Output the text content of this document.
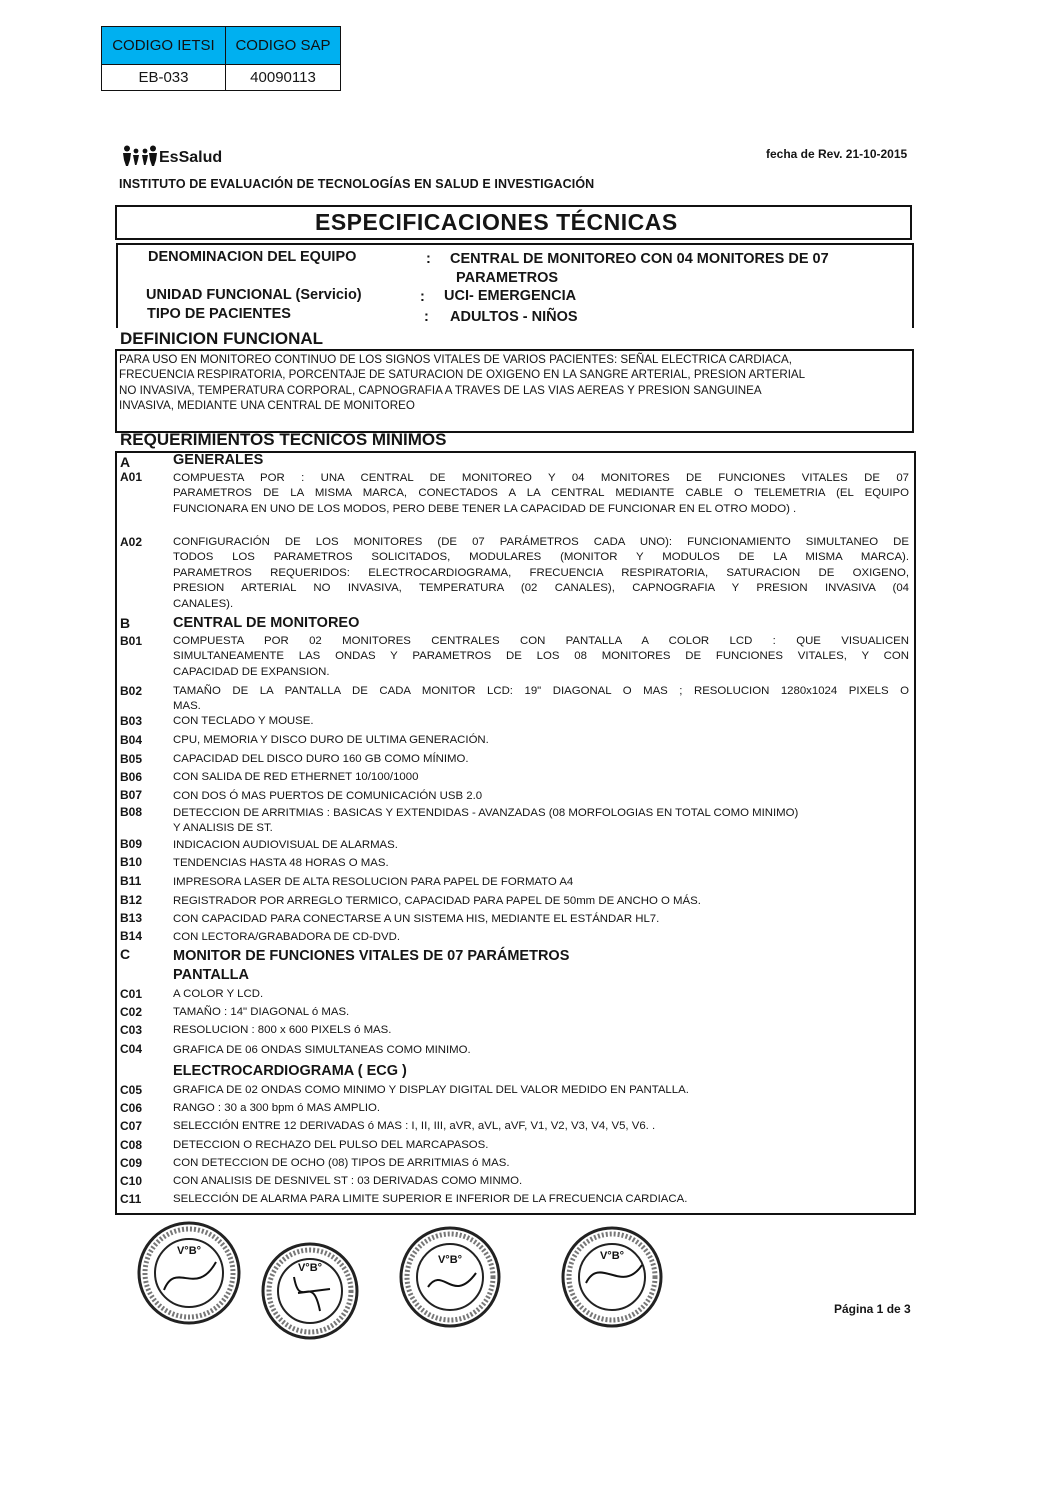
CODIGO IETSI	CODIGO SAP
EB-033	40090113
EsSalud	fecha de Rev. 21-10-2015
INSTITUTO DE EVALUACIÓN DE TECNOLOGÍAS EN SALUD E INVESTIGACIÓN
ESPECIFICACIONES TÉCNICAS
DENOMINACION DEL EQUIPO	: CENTRAL DE MONITOREO CON 04 MONITORES DE 07
PARAMETROS
UNIDAD FUNCIONAL (Servicio)	: UCI- EMERGENCIA
TIPO DE PACIENTES	: ADULTOS - NIÑOS
DEFINICION FUNCIONAL
PARA USO EN MONITOREO CONTINUO DE LOS SIGNOS VITALES DE VARIOS PACIENTES: SEÑAL ELECTRICA CARDIACA,
FRECUENCIA RESPIRATORIA, PORCENTAJE DE SATURACION DE OXIGENO EN LA SANGRE ARTERIAL, PRESION ARTERIAL
NO INVASIVA, TEMPERATURA CORPORAL, CAPNOGRAFIA A TRAVES DE LAS VIAS AEREAS Y PRESION SANGUINEA
INVASIVA, MEDIANTE UNA CENTRAL DE MONITOREO
REQUERIMIENTOS TECNICOS MINIMOS
A	GENERALES
A01	COMPUESTA POR : UNA CENTRAL DE MONITOREO Y 04 MONITORES DE FUNCIONES VITALES DE 07
PARAMETROS DE LA MISMA MARCA, CONECTADOS A LA CENTRAL MEDIANTE CABLE O TELEMETRIA (EL EQUIPO
FUNCIONARA EN UNO DE LOS MODOS, PERO DEBE TENER LA CAPACIDAD DE FUNCIONAR EN EL OTRO MODO) .
A02	CONFIGURACIÓN DE LOS MONITORES (DE 07 PARÁMETROS CADA UNO): FUNCIONAMIENTO SIMULTANEO DE
TODOS LOS PARAMETROS SOLICITADOS, MODULARES (MONITOR Y MODULOS DE LA MISMA MARCA).
PARAMETROS REQUERIDOS: ELECTROCARDIOGRAMA, FRECUENCIA RESPIRATORIA, SATURACION DE OXIGENO,
PRESION ARTERIAL NO INVASIVA, TEMPERATURA (02 CANALES), CAPNOGRAFIA Y PRESION INVASIVA (04
CANALES).
B	CENTRAL DE MONITOREO
B01	COMPUESTA POR 02 MONITORES CENTRALES CON PANTALLA A COLOR LCD : QUE VISUALICEN
SIMULTANEAMENTE LAS ONDAS Y PARAMETROS DE LOS 08 MONITORES DE FUNCIONES VITALES, Y CON
CAPACIDAD DE EXPANSION.
B02	TAMAÑO DE LA PANTALLA DE CADA MONITOR LCD: 19" DIAGONAL O MAS ; RESOLUCION 1280x1024 PIXELS O
MAS.
B03	CON TECLADO Y MOUSE.
B04	CPU, MEMORIA Y DISCO DURO DE ULTIMA GENERACIÓN.
B05	CAPACIDAD DEL DISCO DURO 160 GB COMO MÍNIMO.
B06	CON SALIDA DE RED ETHERNET 10/100/1000
B07	CON DOS Ó MAS PUERTOS DE COMUNICACIÓN USB 2.0
B08	DETECCION DE ARRITMIAS : BASICAS Y EXTENDIDAS - AVANZADAS (08 MORFOLOGIAS EN TOTAL COMO MINIMO)
Y ANALISIS DE ST.
B09	INDICACION AUDIOVISUAL DE ALARMAS.
B10	TENDENCIAS HASTA 48 HORAS O MAS.
B11	IMPRESORA LASER DE ALTA RESOLUCION PARA PAPEL DE FORMATO A4
B12	REGISTRADOR POR ARREGLO TERMICO, CAPACIDAD PARA PAPEL DE 50mm DE ANCHO O MÁS.
B13	CON CAPACIDAD PARA CONECTARSE A UN SISTEMA HIS, MEDIANTE EL ESTÁNDAR HL7.
B14	CON LECTORA/GRABADORA DE CD-DVD.
C	MONITOR DE FUNCIONES VITALES DE 07 PARÁMETROS
PANTALLA
C01	A COLOR Y LCD.
C02	TAMAÑO : 14" DIAGONAL ó MAS.
C03	RESOLUCION : 800 x 600 PIXELS ó MAS.
C04	GRAFICA DE 06 ONDAS SIMULTANEAS COMO MINIMO.
ELECTROCARDIOGRAMA ( ECG )
C05	GRAFICA DE 02 ONDAS COMO MINIMO Y DISPLAY DIGITAL DEL VALOR MEDIDO EN PANTALLA.
C06	RANGO : 30 a 300 bpm ó MAS AMPLIO.
C07	SELECCIÓN ENTRE 12 DERIVADAS ó MAS : I, II, III, aVR, aVL, aVF, V1, V2, V3, V4, V5, V6. .
C08	DETECCION O RECHAZO DEL PULSO DEL MARCAPASOS.
C09	CON DETECCION DE OCHO (08) TIPOS DE ARRITMIAS ó MAS.
C10	CON ANALISIS DE DESNIVEL ST : 03 DERIVADAS COMO MINMO.
C11	SELECCIÓN DE ALARMA PARA LIMITE SUPERIOR E INFERIOR DE LA FRECUENCIA CARDIACA.
V°B°
V°B°
V°B°	V°B°
Página 1 de 3
